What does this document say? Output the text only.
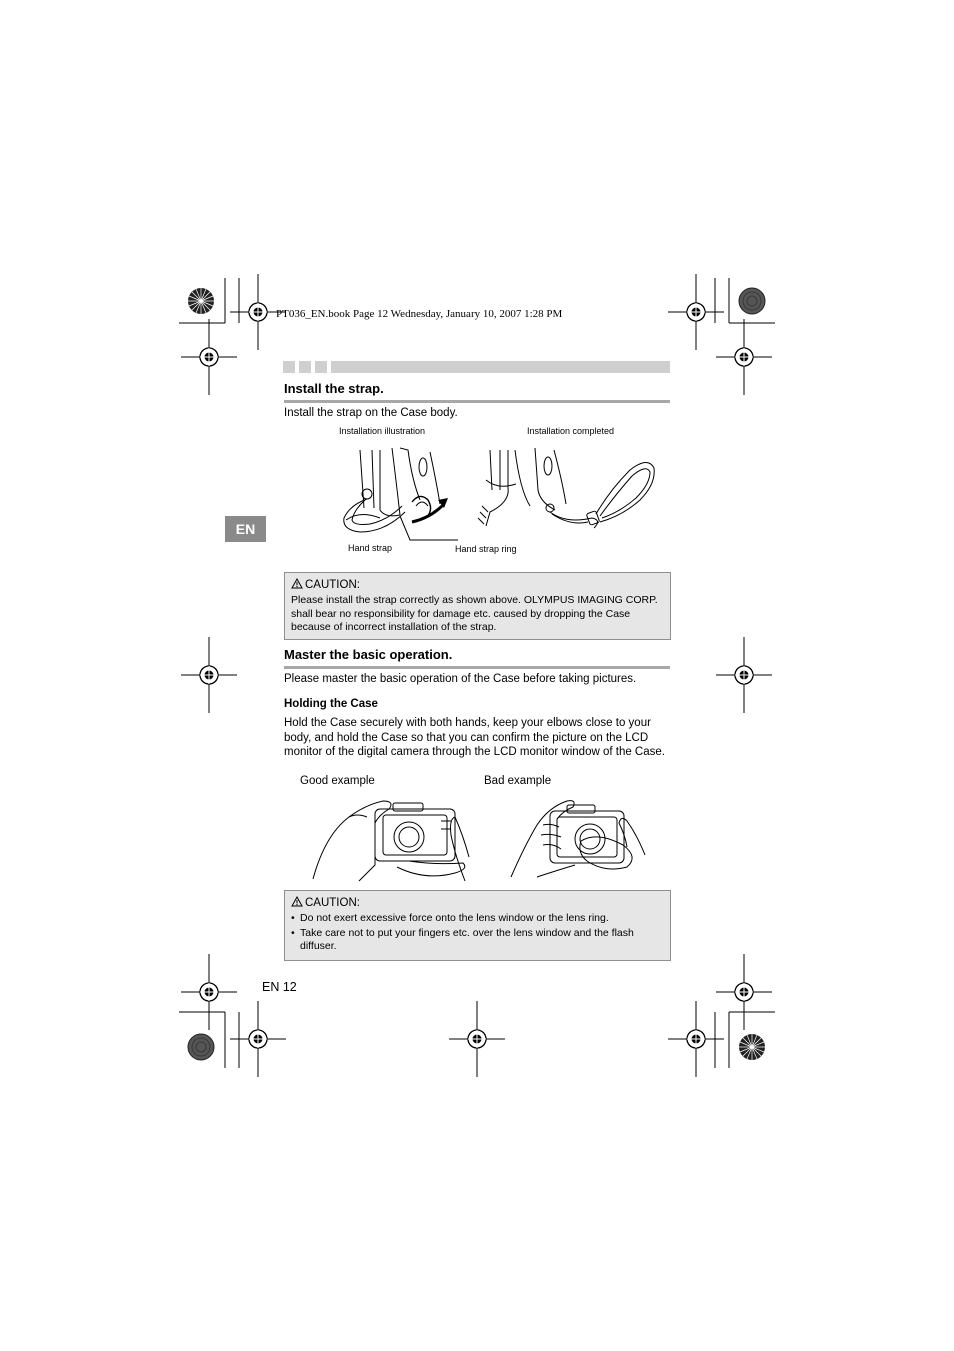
PT036_EN.book Page 12 Wednesday, January 10, 2007 1:28 PM
EN
Install the strap.
Install the strap on the Case body.
Installation illustration	Installation completed
Hand strap	Hand strap ring
CAUTION:
Please install the strap correctly as shown above. OLYMPUS IMAGING CORP. shall bear no responsibility for damage etc. caused by dropping the Case because of incorrect installation of the strap.
Master the basic operation.
Please master the basic operation of the Case before taking pictures.
Holding the Case
Hold the Case securely with both hands, keep your elbows close to your body, and hold the Case so that you can confirm the picture on the LCD monitor of the digital camera through the LCD monitor window of the Case.
Good example	Bad example
CAUTION:
• Do not exert excessive force onto the lens window or the lens ring.
• Take care not to put your fingers etc. over the lens window and the flash diffuser.
EN 12
